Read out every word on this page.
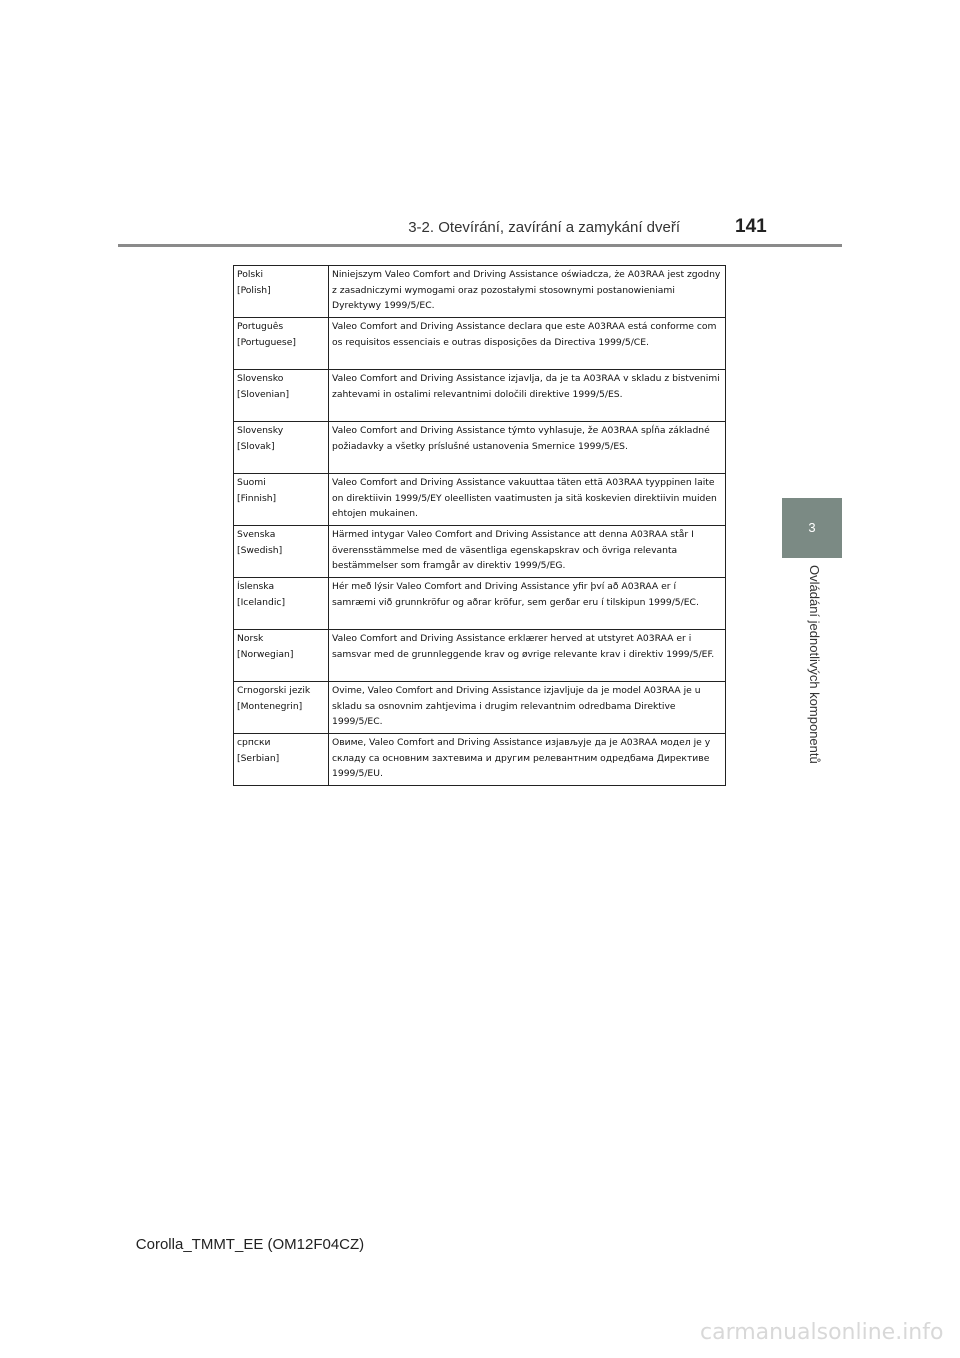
3-2. Otevírání, zavírání a zamykání dveří	141
3
Ovládání jednotlivých komponentů
Polski
[Polish]	Niniejszym Valeo Comfort and Driving Assistance oświadcza, że A03RAA jest zgodny z zasadniczymi wymogami oraz pozostałymi stosownymi postanowieniami Dyrektywy 1999/5/EC.

Português
[Portuguese]	Valeo Comfort and Driving Assistance declara que este A03RAA está conforme com os requisitos essenciais e outras disposições da Directiva 1999/5/CE.

Slovensko
[Slovenian]	Valeo Comfort and Driving Assistance izjavlja, da je ta A03RAA v skladu z bistvenimi zahtevami in ostalimi relevantnimi določili direktive 1999/5/ES.

Slovensky
[Slovak]	Valeo Comfort and Driving Assistance týmto vyhlasuje, že A03RAA spĺňa základné požiadavky a všetky príslušné ustanovenia Smernice 1999/5/ES.

Suomi
[Finnish]	Valeo Comfort and Driving Assistance vakuuttaa täten että A03RAA tyyppinen laite on direktiivin 1999/5/EY oleellisten vaatimusten ja sitä koskevien direktiivin muiden ehtojen mukainen.

Svenska
[Swedish]	Härmed intygar Valeo Comfort and Driving Assistance att denna A03RAA står I överensstämmelse med de väsentliga egenskapskrav och övriga relevanta bestämmelser som framgår av direktiv 1999/5/EG.

Íslenska
[Icelandic]	Hér með lýsir Valeo Comfort and Driving Assistance yfir því að A03RAA er í samræmi við grunnkröfur og aðrar kröfur, sem gerðar eru í tilskipun 1999/5/EC.

Norsk
[Norwegian]	Valeo Comfort and Driving Assistance erklærer herved at utstyret A03RAA er i samsvar med de grunnleggende krav og øvrige relevante krav i direktiv 1999/5/EF.

Crnogorski jezik
[Montenegrin]	Ovime, Valeo Comfort and Driving Assistance izjavljuje da je model A03RAA je u skladu sa osnovnim zahtjevima i drugim relevantnim odredbama Direktive 1999/5/EC.

српски
[Serbian]	Овиме, Valeo Comfort and Driving Assistance изјављује да је A03RAA модел је у складу са основним захтевима и другим релевантним одредбама Директиве 1999/5/EU.
Corolla_TMMT_EE (OM12F04CZ)
carmanualsonline.info
